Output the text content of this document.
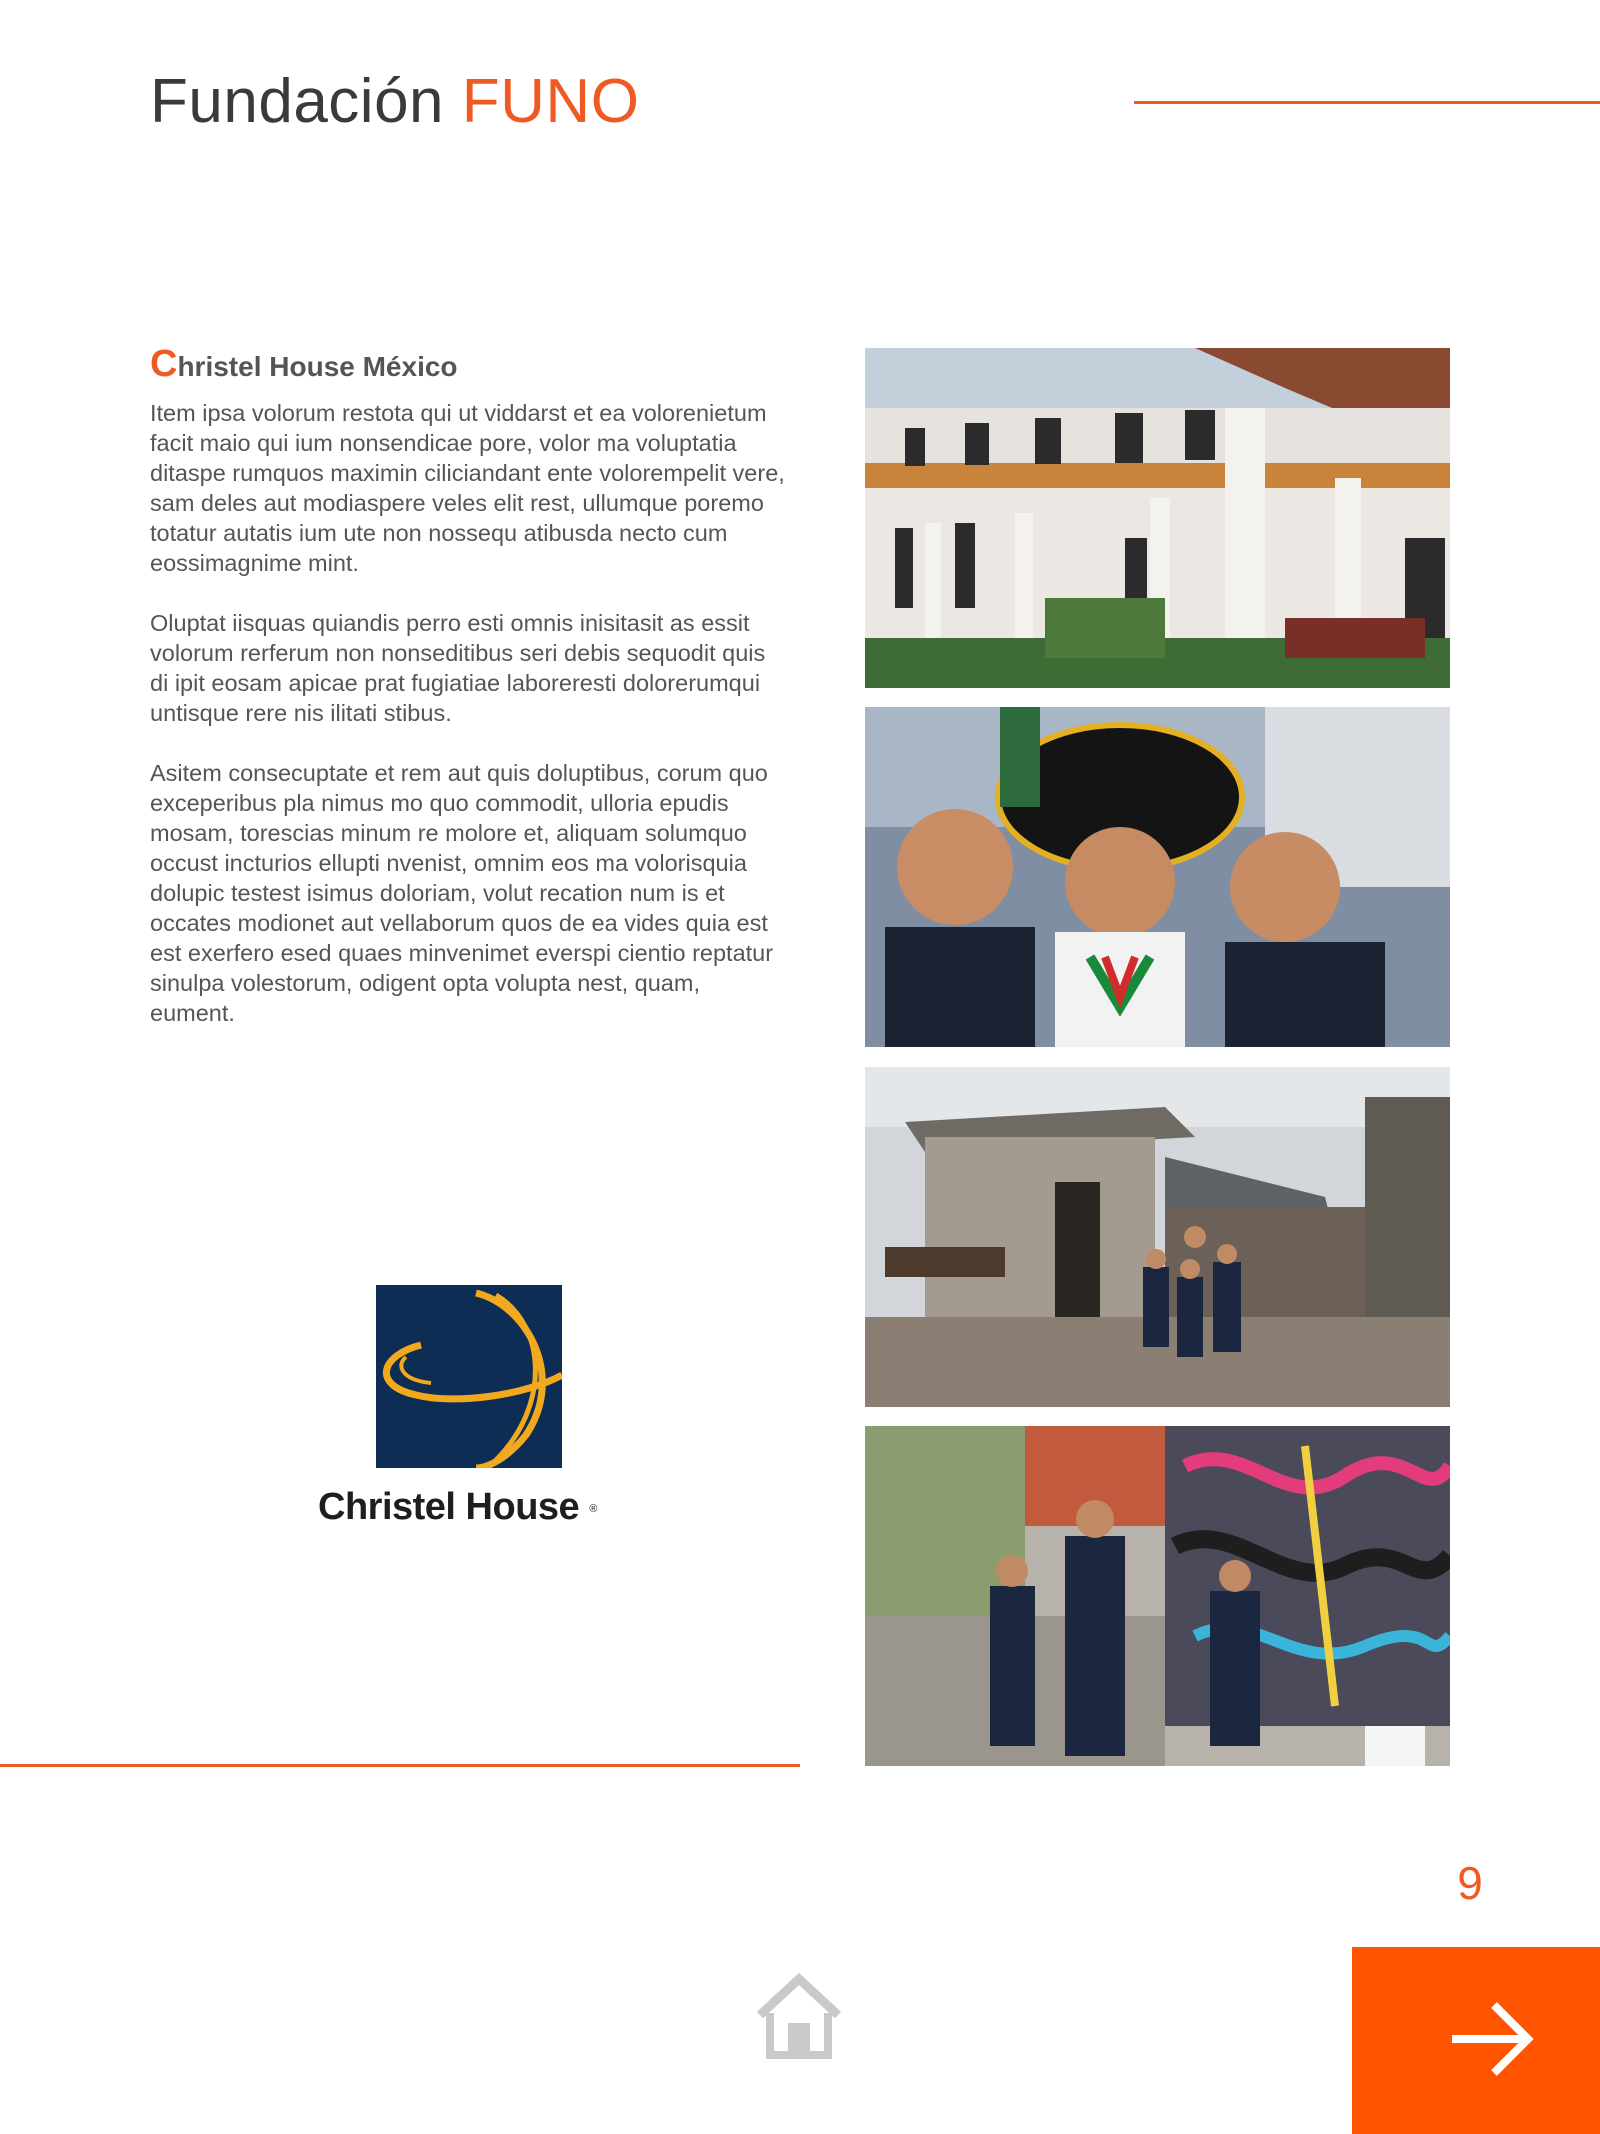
Fundación FUNO
Christel House México

Item ipsa volorum restota qui ut viddarst et ea volorenietum facit maio qui ium nonsendicae pore, volor ma voluptatia ditaspe rumquos maximin ciliciandant ente volorempelit vere, sam deles aut modiaspere veles elit rest, ullumque poremo totatur autatis ium ute non nossequ atibusda necto cum eossimagnime mint.

Oluptat iisquas quiandis perro esti omnis inisitasit as essit volorum rerferum non nonseditibus seri debis sequodit quis di ipit eosam apicae prat fugiatiae laboreresti dolorerumqui untisque rere nis ilitati stibus.

Asitem consecuptate et rem aut quis doluptibus, corum quo exceperibus pla nimus mo quo commodit, ulloria epudis mosam, torescias minum re molore et, aliquam solumquo occust incturios ellupti nvenist, omnim eos ma volorisquia dolupic testest isimus doloriam, volut recation num is et occates modionet aut vellaborum quos de ea vides quia est est exerfero esed quaes minvenimet everspi cientio reptatur sinulpa volestorum, odigent opta volupta nest, quam, eument.

Christel House ®
9
